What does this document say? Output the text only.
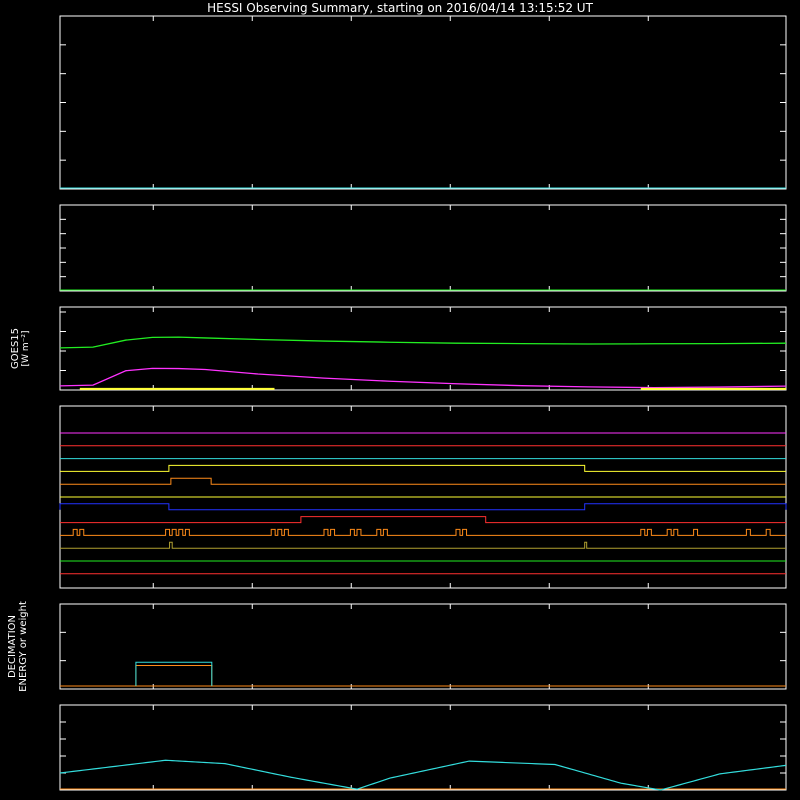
HESSI Observing Summary, starting on 2016/04/14 13:15:52 UT
GOES15 [W m⁻²]
DECIMATION ENERGY or weight
